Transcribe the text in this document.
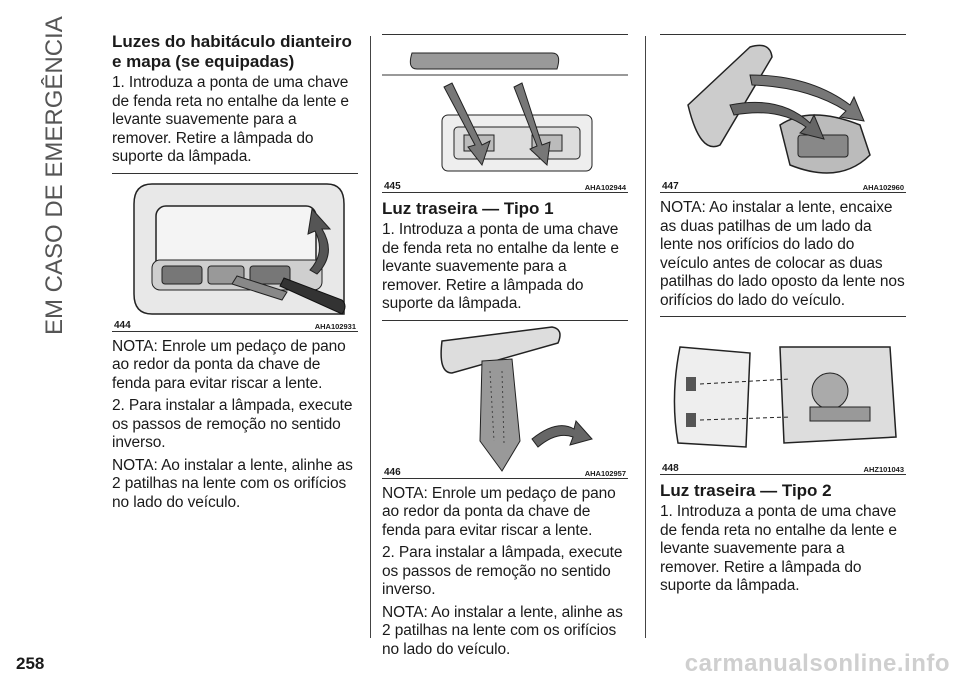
EM CASO DE EMERGÊNCIA	Luzes do habitáculo dianteiro e mapa (se equipadas)

1. Introduza a ponta de uma chave de fenda reta no entalhe da lente e levante suavemente para a remover. Retire a lâmpada do suporte da lâmpada.

444	AHA102931

NOTA: Enrole um pedaço de pano ao redor da ponta da chave de fenda para evitar riscar a lente.

2. Para instalar a lâmpada, execute os passos de remoção no sentido inverso.

NOTA: Ao instalar a lente, alinhe as 2 patilhas na lente com os orifícios no lado do veículo.

445	AHA102944
Luz traseira — Tipo 1

1. Introduza a ponta de uma chave de fenda reta no entalhe da lente e levante suavemente para a remover. Retire a lâmpada do suporte da lâmpada.

446	AHA102957

NOTA: Enrole um pedaço de pano ao redor da ponta da chave de fenda para evitar riscar a lente.

2. Para instalar a lâmpada, execute os passos de remoção no sentido inverso.

NOTA: Ao instalar a lente, alinhe as 2 patilhas na lente com os orifícios no lado do veículo.

447	AHA102960

NOTA: Ao instalar a lente, encaixe as duas patilhas de um lado da lente nos orifícios do lado do veículo antes de colocar as duas patilhas do lado oposto da lente nos orifícios do lado do veículo.

448	AHZ101043
Luz traseira — Tipo 2

1. Introduza a ponta de uma chave de fenda reta no entalhe da lente e levante suavemente para a remover. Retire a lâmpada do suporte da lâmpada.

258	carmanualsonline.info
